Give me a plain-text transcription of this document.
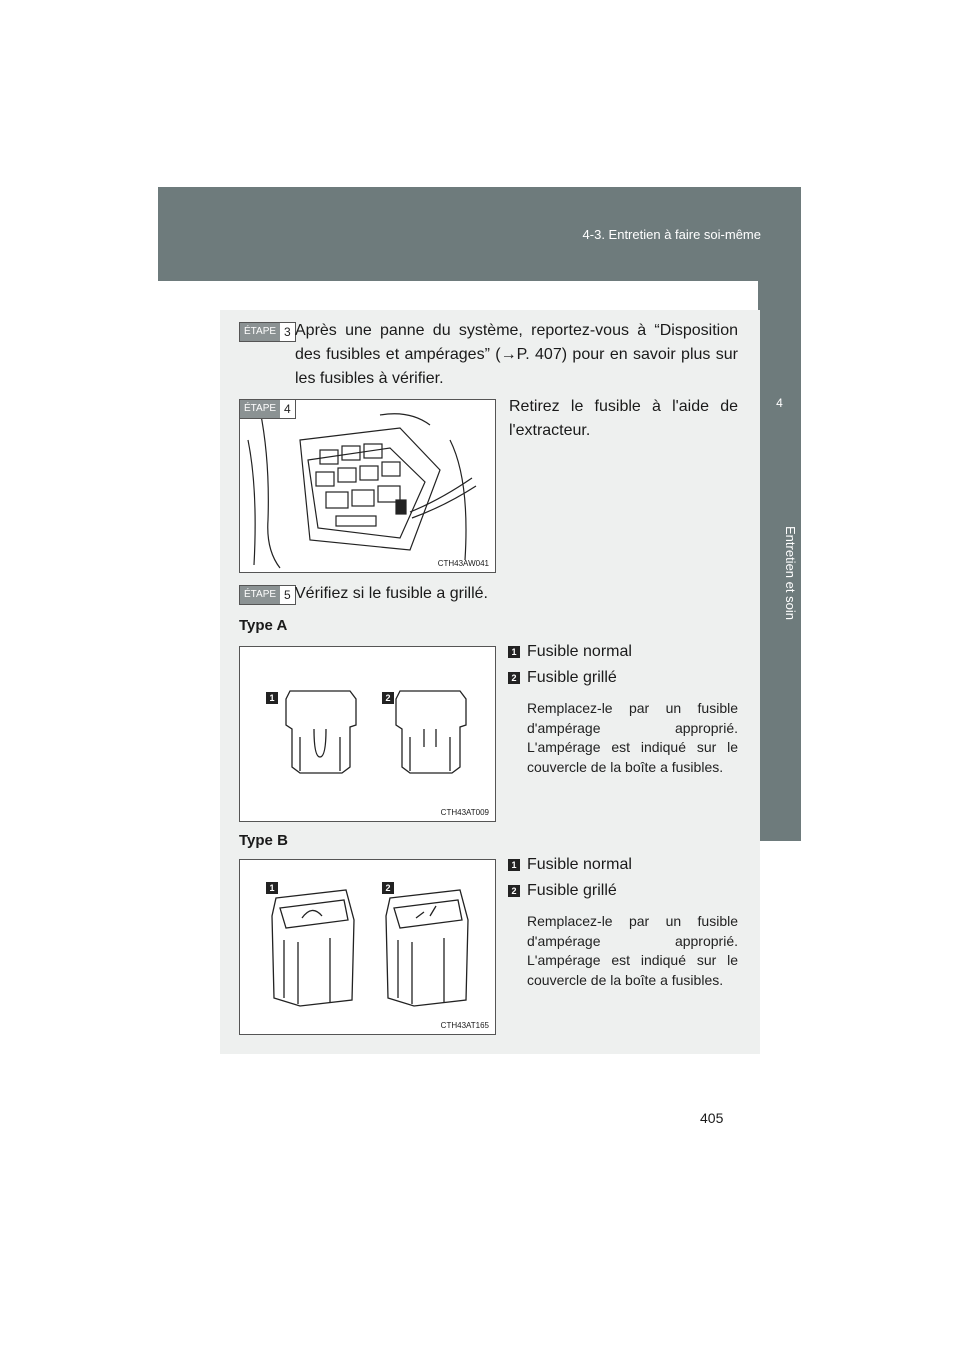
4-3. Entretien à faire soi-même
4
Entretien et soin
ÉTAPE 3 Après une panne du système, reportez-vous à “Disposition des fusibles et ampérages” (→P. 407) pour en savoir plus sur les fusibles à vérifier.
CTH43AW041
ÉTAPE 4	Retirez le fusible à l'aide de l'extracteur.
ÉTAPE 5 Vérifiez si le fusible a grillé.
Type A
1	2
CTH43AT009
1 Fusible normal
2 Fusible grillé
Remplacez-le par un fusible d'ampérage approprié. L'ampérage est indiqué sur le couvercle de la boîte a fusibles.
Type B
1	2
CTH43AT165
1 Fusible normal
2 Fusible grillé
Remplacez-le par un fusible d'ampérage approprié. L'ampérage est indiqué sur le couvercle de la boîte a fusibles.
405
